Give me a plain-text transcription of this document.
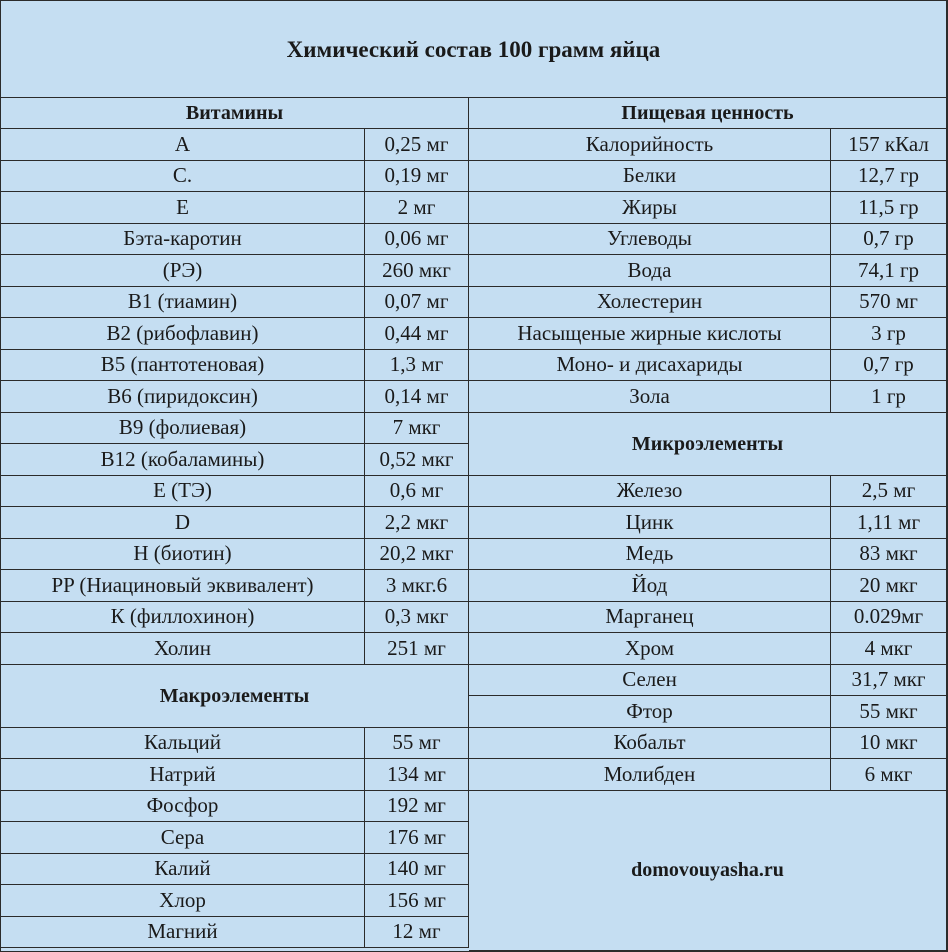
Химический состав 100 грамм яйца
Витамины
A	0,25 мг
C.	0,19 мг
E	2 мг
Бэта-каротин	0,06 мг
(РЭ)	260 мкг
B1 (тиамин)	0,07 мг
B2 (рибофлавин)	0,44 мг
B5 (пантотеновая)	1,3 мг
B6 (пиридоксин)	0,14 мг
B9 (фолиевая)	7 мкг
B12 (кобаламины)	0,52 мкг
E (ТЭ)	0,6 мг
D	2,2 мкг
H (биотин)	20,2 мкг
PP (Ниациновый эквивалент)	3 мкг.6
К (филлохинон)	0,3 мкг
Холин	251 мг
Макроэлементы
Кальций	55 мг
Натрий	134 мг
Фосфор	192 мг
Сера	176 мг
Калий	140 мг
Хлор	156 мг
Магний	12 мг
Пищевая ценность
Калорийность	157 кКал
Белки	12,7 гр
Жиры	11,5 гр
Углеводы	0,7 гр
Вода	74,1 гр
Холестерин	570 мг
Насыщеные жирные кислоты	3 гр
Моно- и дисахариды	0,7 гр
Зола	1 гр
Микроэлементы
Железо	2,5 мг
Цинк	1,11 мг
Медь	83 мкг
Йод	20 мкг
Марганец	0.029мг
Хром	4 мкг
Селен	31,7 мкг
Фтор	55 мкг
Кобальт	10 мкг
Молибден	6 мкг
domovouyasha.ru
